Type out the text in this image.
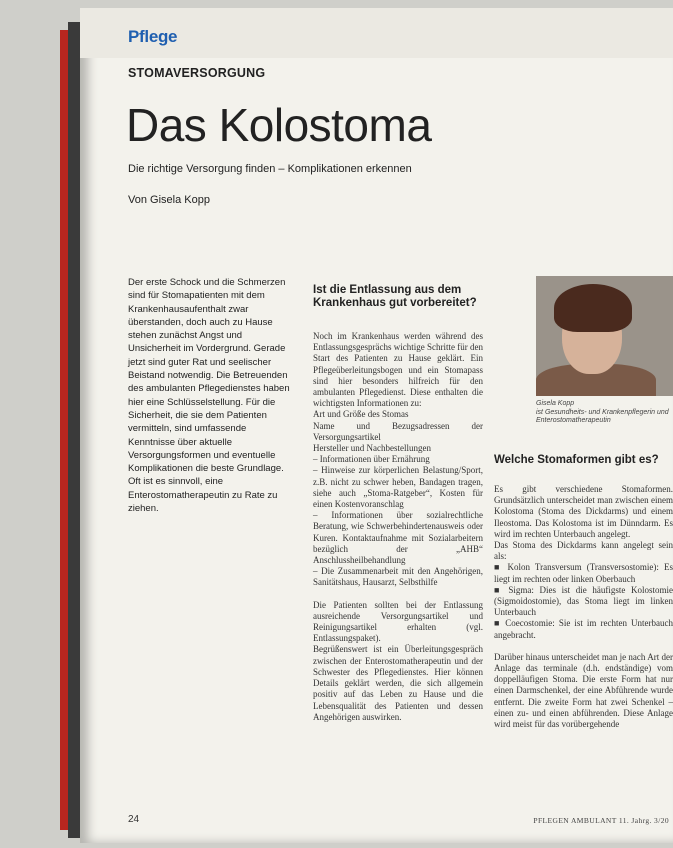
Pflege
STOMAVERSORGUNG
Das Kolostoma
Die richtige Versorgung finden – Komplikationen erkennen
Von Gisela Kopp

Der erste Schock und die Schmerzen sind für Stomapatienten mit dem Krankenhausaufenthalt zwar überstanden, doch auch zu Hause stehen zunächst Angst und Unsicherheit im Vordergrund. Gerade jetzt sind guter Rat und seelischer Beistand notwendig. Die Betreuenden des ambulanten Pflegedienstes haben hier eine Schlüsselstellung. Für die Sicherheit, die sie dem Patienten vermitteln, sind umfassende Kenntnisse über aktuelle Versorgungsformen und eventuelle Komplikationen die beste Grundlage. Oft ist es sinnvoll, eine Enterostomatherapeutin zu Rate zu ziehen.

Ist die Entlassung aus dem Krankenhaus gut vorbereitet?

Noch im Krankenhaus werden während des Entlassungsgesprächs wichtige Schritte für den Start des Patienten zu Hause geklärt. Ein Pflegeüberleitungsbogen und ein Stomapass sind hier besonders hilfreich für den ambulanten Pflegedienst. Diese enthalten die wichtigsten Informationen zu:

Art und Größe des Stomas
Name und Bezugsadressen der Versorgungsartikel
Hersteller und Nachbestellungen
– Informationen über Ernährung
– Hinweise zur körperlichen Belastung/Sport, z.B. nicht zu schwer heben, Bandagen tragen, siehe auch „Stoma-Ratgeber“, Kosten für einen Kostenvoranschlag
– Informationen über sozialrechtliche Beratung, wie Schwerbehindertenausweis oder Kuren. Kontaktaufnahme mit Sozialarbeitern bezüglich der „AHB“ Anschlussheilbehandlung
– Die Zusammenarbeit mit den Angehörigen, Sanitätshaus, Hausarzt, Selbsthilfe

Die Patienten sollten bei der Entlassung ausreichende Versorgungsartikel und Reinigungsartikel erhalten (vgl. Entlassungspaket).

Begrüßenswert ist ein Überleitungsgespräch zwischen der Enterostomatherapeutin und der Schwester des Pflegedienstes. Hier können Details geklärt werden, die sich allgemein positiv auf das Leben zu Hause und die Lebensqualität des Patienten und dessen Angehörigen auswirken.

Gisela Kopp
ist Gesundheits- und Krankenpflegerin und Enterostomatherapeutin
Welche Stomaformen gibt es?

Es gibt verschiedene Stomaformen. Grundsätzlich unterscheidet man zwischen einem Kolostoma (Stoma des Dickdarms) und einem Ileostoma. Das Kolostoma ist im Dünndarm. Es wird im rechten Unterbauch angelegt.

Das Stoma des Dickdarms kann angelegt sein als:

■ Kolon Transversum (Transversostomie): Es liegt im rechten oder linken Oberbauch

■ Sigma: Dies ist die häufigste Kolostomie (Sigmoidostomie), das Stoma liegt im linken Unterbauch

■ Coecostomie: Sie ist im rechten Unterbauch angebracht.

Darüber hinaus unterscheidet man je nach Art der Anlage das terminale (d.h. endständige) vom doppelläufigen Stoma. Die erste Form hat nur einen Darmschenkel, der eine Abführende wurde entfernt. Die zweite Form hat zwei Schenkel – einen zu- und einen abführenden. Diese Anlage wird meist für das vorübergehende

24	PFLEGEN AMBULANT 11. Jahrg. 3/20
